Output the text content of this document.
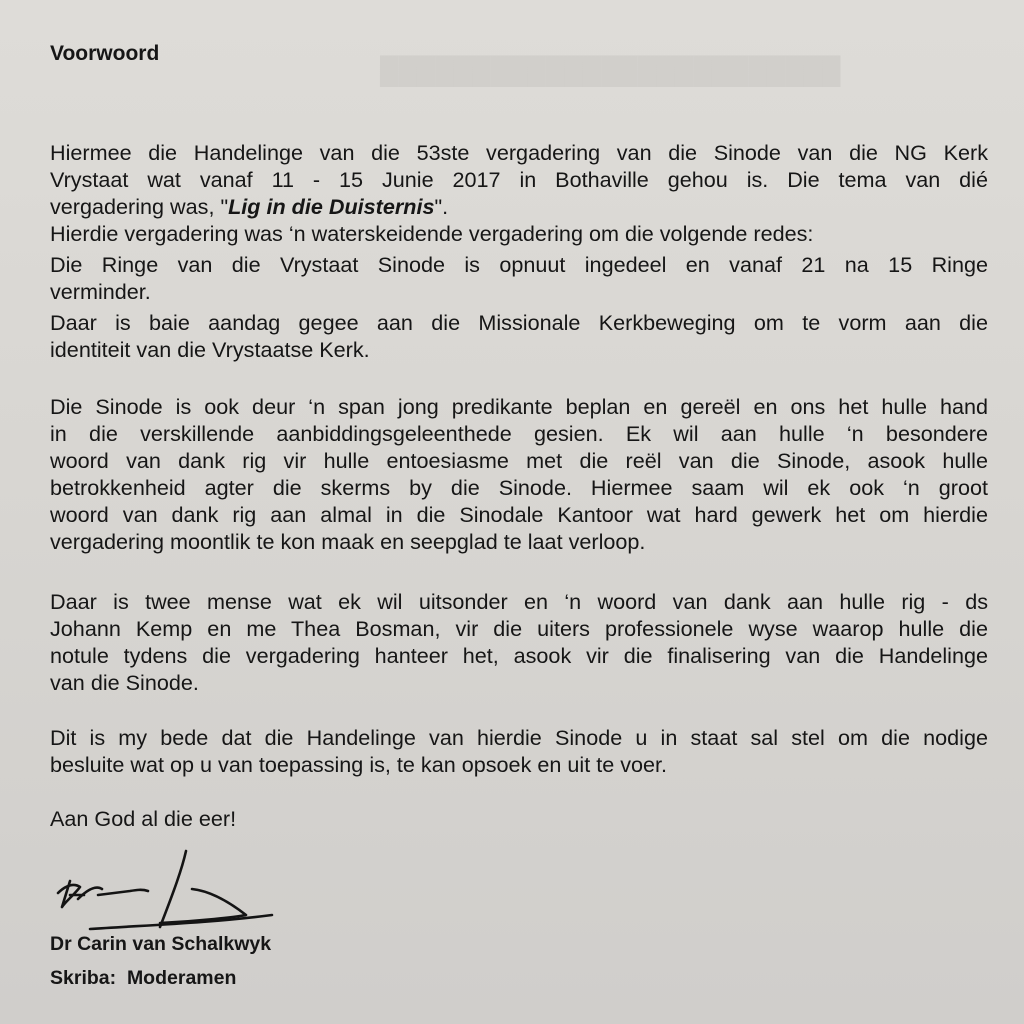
█████████████████████████
Voorwoord
Hiermee die Handelinge van die 53ste vergadering van die Sinode van die NG Kerk
Vrystaat wat vanaf 11 - 15 Junie 2017 in Bothaville gehou is. Die tema van dié
vergadering was, "Lig in die Duisternis".
Hierdie vergadering was ‘n waterskeidende vergadering om die volgende redes:
Die Ringe van die Vrystaat Sinode is opnuut ingedeel en vanaf 21 na 15 Ringe
verminder.
Daar is baie aandag gegee aan die Missionale Kerkbeweging om te vorm aan die
identiteit van die Vrystaatse Kerk.
Die Sinode is ook deur ‘n span jong predikante beplan en gereël en ons het hulle hand
in die verskillende aanbiddingsgeleenthede gesien. Ek wil aan hulle ‘n besondere
woord van dank rig vir hulle entoesiasme met die reël van die Sinode, asook hulle
betrokkenheid agter die skerms by die Sinode. Hiermee saam wil ek ook ‘n groot
woord van dank rig aan almal in die Sinodale Kantoor wat hard gewerk het om hierdie
vergadering moontlik te kon maak en seepglad te laat verloop.
Daar is twee mense wat ek wil uitsonder en ‘n woord van dank aan hulle rig - ds
Johann Kemp en me Thea Bosman, vir die uiters professionele wyse waarop hulle die
notule tydens die vergadering hanteer het, asook vir die finalisering van die Handelinge
van die Sinode.
Dit is my bede dat die Handelinge van hierdie Sinode u in staat sal stel om die nodige
besluite wat op u van toepassing is, te kan opsoek en uit te voer.
Aan God al die eer!

Dr Carin van Schalkwyk

Skriba:  Moderamen
